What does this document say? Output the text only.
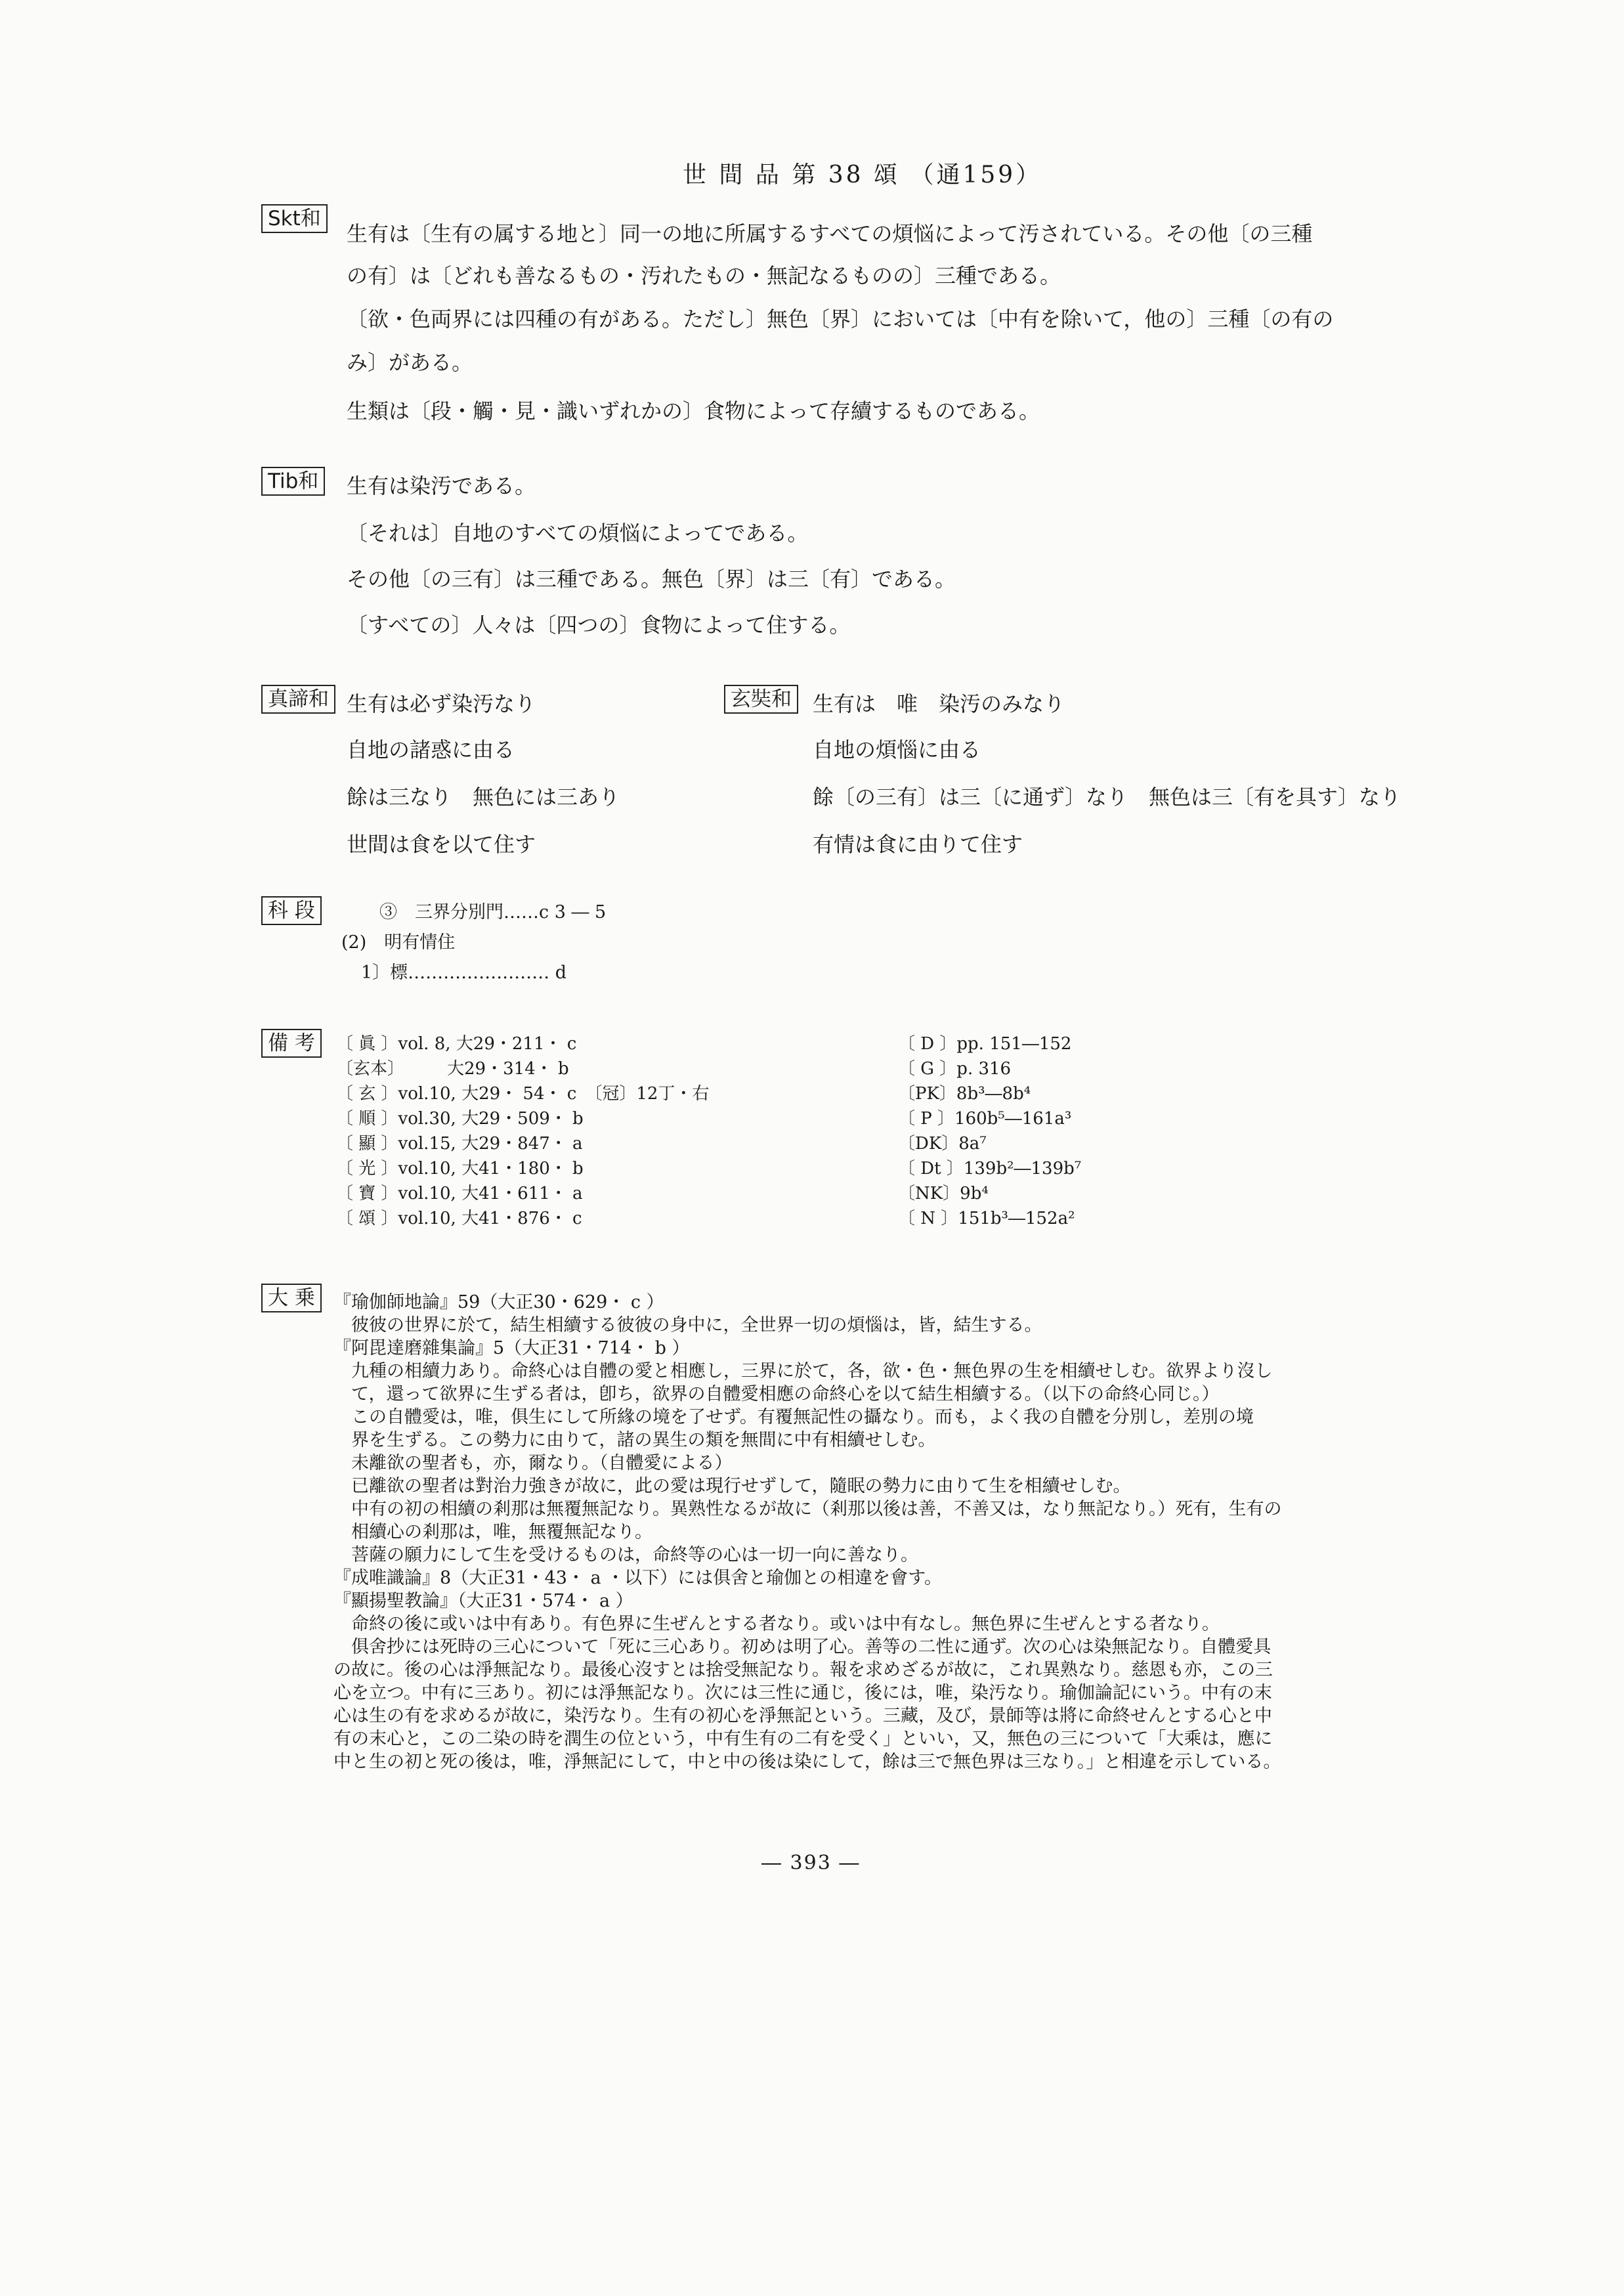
世 間 品 第 38 頌 （通159）
Skt和
生有は〔生有の属する地と〕同一の地に所属するすべての煩悩によって汚されている。その他〔の三種
の有〕は〔どれも善なるもの・汚れたもの・無記なるものの〕三種である。
〔欲・色両界には四種の有がある。ただし〕無色〔界〕においては〔中有を除いて，他の〕三種〔の有の
み〕がある。
生類は〔段・觸・見・識いずれかの〕食物によって存續するものである。
Tib和	生有は染汚である。
〔それは〕自地のすべての煩悩によってである。
その他〔の三有〕は三種である。無色〔界〕は三〔有〕である。
〔すべての〕人々は〔四つの〕食物によって住する。
真諦和 生有は必ず染汚なり
自地の諸惑に由る
餘は三なり　無色には三あり
世間は食を以て住す
玄奘和	生有は　唯　染汚のみなり
自地の煩惱に由る
餘〔の三有〕は三〔に通ず〕なり　無色は三〔有を具す〕なり
有情は食に由りて住す
科 段	③　三界分別門……c 3 ― 5
(2)　明有情住
1〕標…………………… d
備 考	〔 眞 〕vol. 8, 大29・211・ c
〔玄本〕　　　大29・314・ b
〔 玄 〕vol.10, 大29・ 54・ c　〔冠〕12丁・右
〔 順 〕vol.30, 大29・509・ b
〔 顯 〕vol.15, 大29・847・ a
〔 光 〕vol.10, 大41・180・ b
〔 寶 〕vol.10, 大41・611・ a
〔 頌 〕vol.10, 大41・876・ c
〔 D 〕pp. 151―152
〔 G 〕p. 316
〔PK〕8b³―8b⁴
〔 P 〕160b⁵―161a³
〔DK〕8a⁷
〔 Dt 〕139b²―139b⁷
〔NK〕9b⁴
〔 N 〕151b³―152a²
大 乗	『瑜伽師地論』59（大正30・629・ c ）
　彼彼の世界に於て，結生相續する彼彼の身中に，全世界一切の煩惱は，皆，結生する。
『阿毘達磨雜集論』5（大正31・714・ b ）
　九種の相續力あり。命終心は自體の愛と相應し，三界に於て，各，欲・色・無色界の生を相續せしむ。欲界より沒し
　て，還って欲界に生ずる者は，卽ち，欲界の自體愛相應の命終心を以て結生相續する。（以下の命終心同じ。）
　この自體愛は，唯，俱生にして所緣の境を了せず。有覆無記性の攝なり。而も，よく我の自體を分別し，差別の境
　界を生ずる。この勢力に由りて，諸の異生の類を無間に中有相續せしむ。
　未離欲の聖者も，亦，爾なり。（自體愛による）
　已離欲の聖者は對治力強きが故に，此の愛は現行せずして，隨眠の勢力に由りて生を相續せしむ。
　中有の初の相續の剎那は無覆無記なり。異熟性なるが故に（剎那以後は善，不善又は，なり無記なり。）死有，生有の
　相續心の剎那は，唯，無覆無記なり。
　菩薩の願力にして生を受けるものは，命終等の心は一切一向に善なり。
『成唯識論』8（大正31・43・ a ・以下）には俱舍と瑜伽との相違を會す。
『顯揚聖教論』（大正31・574・ a ）
　命終の後に或いは中有あり。有色界に生ぜんとする者なり。或いは中有なし。無色界に生ぜんとする者なり。
　俱舍抄には死時の三心について「死に三心あり。初めは明了心。善等の二性に通ず。次の心は染無記なり。自體愛具
の故に。後の心は淨無記なり。最後心沒すとは捨受無記なり。報を求めざるが故に，これ異熟なり。慈恩も亦，この三
心を立つ。中有に三あり。初には淨無記なり。次には三性に通じ，後には，唯，染汚なり。瑜伽論記にいう。中有の末
心は生の有を求めるが故に，染汚なり。生有の初心を淨無記という。三藏，及び，景師等は將に命終せんとする心と中
有の末心と，この二染の時を潤生の位という，中有生有の二有を受く」といい，又，無色の三について「大乘は，應に
中と生の初と死の後は，唯，淨無記にして，中と中の後は染にして，餘は三で無色界は三なり。」と相違を示している。
― 393 ―
